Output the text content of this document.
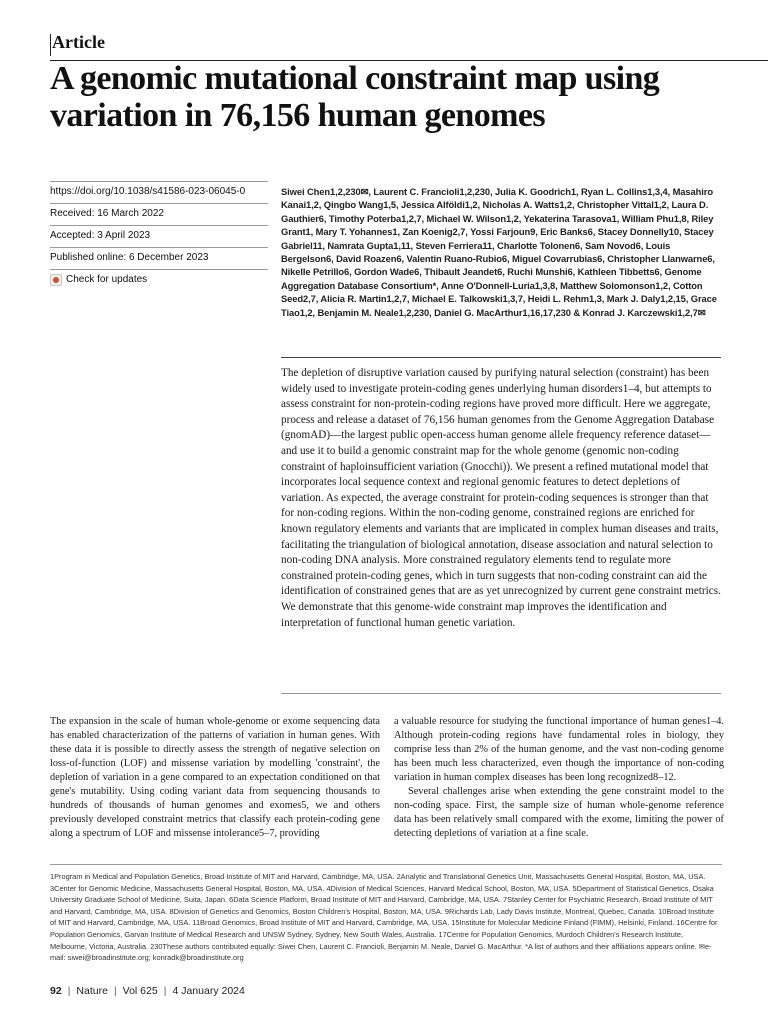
Article
A genomic mutational constraint map using variation in 76,156 human genomes
https://doi.org/10.1038/s41586-023-06045-0
Received: 16 March 2022
Accepted: 3 April 2023
Published online: 6 December 2023
Check for updates
Siwei Chen1,2,230✉, Laurent C. Francioli1,2,230, Julia K. Goodrich1, Ryan L. Collins1,3,4, Masahiro Kanai1,2, Qingbo Wang1,5, Jessica Alföldi1,2, Nicholas A. Watts1,2, Christopher Vittal1,2, Laura D. Gauthier6, Timothy Poterba1,2,7, Michael W. Wilson1,2, Yekaterina Tarasova1, William Phu1,8, Riley Grant1, Mary T. Yohannes1, Zan Koenig2,7, Yossi Farjoun9, Eric Banks6, Stacey Donnelly10, Stacey Gabriel11, Namrata Gupta1,11, Steven Ferriera11, Charlotte Tolonen6, Sam Novod6, Louis Bergelson6, David Roazen6, Valentin Ruano-Rubio6, Miguel Covarrubias6, Christopher Llanwarne6, Nikelle Petrillo6, Gordon Wade6, Thibault Jeandet6, Ruchi Munshi6, Kathleen Tibbetts6, Genome Aggregation Database Consortium*, Anne O'Donnell-Luria1,3,8, Matthew Solomonson1,2, Cotton Seed2,7, Alicia R. Martin1,2,7, Michael E. Talkowski1,3,7, Heidi L. Rehm1,3, Mark J. Daly1,2,15, Grace Tiao1,2, Benjamin M. Neale1,2,230, Daniel G. MacArthur1,16,17,230 & Konrad J. Karczewski1,2,7✉

The depletion of disruptive variation caused by purifying natural selection (constraint) has been widely used to investigate protein-coding genes underlying human disorders1–4, but attempts to assess constraint for non-protein-coding regions have proved more difficult. Here we aggregate, process and release a dataset of 76,156 human genomes from the Genome Aggregation Database (gnomAD)—the largest public open-access human genome allele frequency reference dataset—and use it to build a genomic constraint map for the whole genome (genomic non-coding constraint of haploinsufficient variation (Gnocchi)). We present a refined mutational model that incorporates local sequence context and regional genomic features to detect depletions of variation. As expected, the average constraint for protein-coding sequences is stronger than that for non-coding regions. Within the non-coding genome, constrained regions are enriched for known regulatory elements and variants that are implicated in complex human diseases and traits, facilitating the triangulation of biological annotation, disease association and natural selection to non-coding DNA analysis. More constrained regulatory elements tend to regulate more constrained protein-coding genes, which in turn suggests that non-coding constraint can aid the identification of constrained genes that are as yet unrecognized by current gene constraint metrics. We demonstrate that this genome-wide constraint map improves the identification and interpretation of functional human genetic variation.

The expansion in the scale of human whole-genome or exome sequencing data has enabled characterization of the patterns of variation in human genes. With these data it is possible to directly assess the strength of negative selection on loss-of-function (LOF) and missense variation by modelling 'constraint', the depletion of variation in a gene compared to an expectation conditioned on that gene's mutability. Using coding variant data from sequencing thousands to hundreds of thousands of human genomes and exomes5, we and others previously developed constraint metrics that classify each protein-coding gene along a spectrum of LOF and missense intolerance5–7, providing

a valuable resource for studying the functional importance of human genes1–4. Although protein-coding regions have fundamental roles in biology, they comprise less than 2% of the human genome, and the vast non-coding genome has been much less characterized, even though the importance of non-coding variation in human complex diseases has been long recognized8–12.

Several challenges arise when extending the gene constraint model to the non-coding space. First, the sample size of human whole-genome reference data has been relatively small compared with the exome, limiting the power of detecting depletions of variation at a fine scale.

1Program in Medical and Population Genetics, Broad Institute of MIT and Harvard, Cambridge, MA, USA. 2Analytic and Translational Genetics Unit, Massachusetts General Hospital, Boston, MA, USA. 3Center for Genomic Medicine, Massachusetts General Hospital, Boston, MA, USA. 4Division of Medical Sciences, Harvard Medical School, Boston, MA, USA. 5Department of Statistical Genetics, Osaka University Graduate School of Medicine, Suita, Japan. 6Data Science Platform, Broad Institute of MIT and Harvard, Cambridge, MA, USA. 7Stanley Center for Psychiatric Research, Broad Institute of MIT and Harvard, Cambridge, MA, USA. 8Division of Genetics and Genomics, Boston Children's Hospital, Boston, MA, USA. 9Richards Lab, Lady Davis Institute, Montreal, Quebec, Canada. 10Broad Institute of MIT and Harvard, Cambridge, MA, USA. 11Broad Genomics, Broad Institute of MIT and Harvard, Cambridge, MA, USA. 15Institute for Molecular Medicine Finland (FIMM), Helsinki, Finland. 16Centre for Population Genomics, Garvan Institute of Medical Research and UNSW Sydney, Sydney, New South Wales, Australia. 17Centre for Population Genomics, Murdoch Children's Research Institute, Melbourne, Victoria, Australia. 230These authors contributed equally: Siwei Chen, Laurent C. Francioli, Benjamin M. Neale, Daniel G. MacArthur. *A list of authors and their affiliations appears online. ✉e-mail: siwei@broadinstitute.org; konradk@broadinstitute.org

92 | Nature | Vol 625 | 4 January 2024
